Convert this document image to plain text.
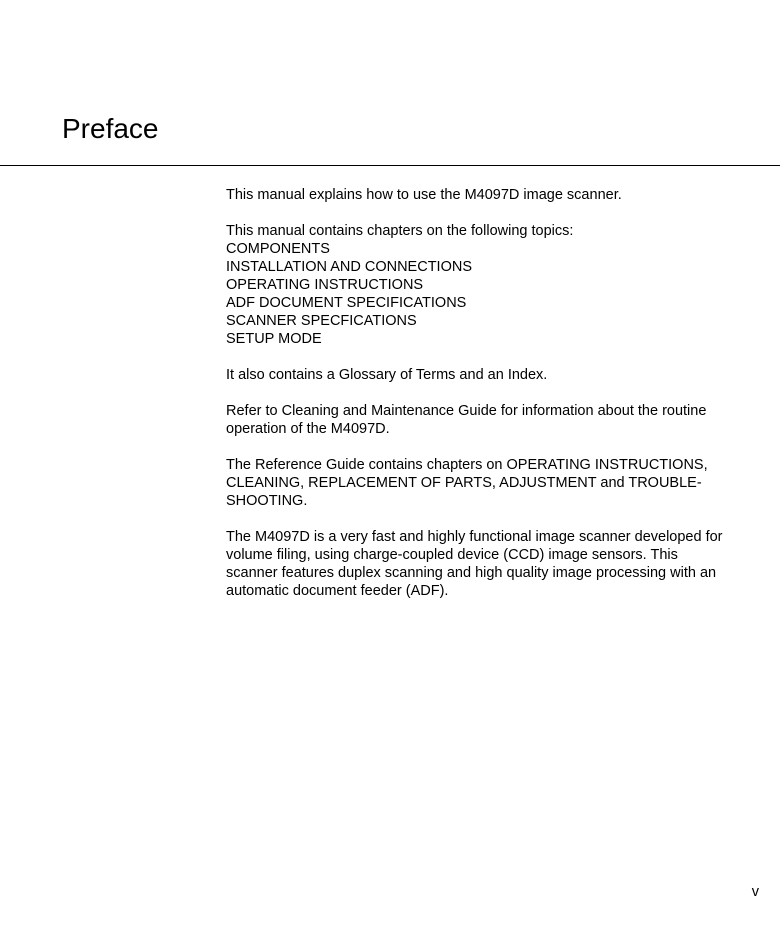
Preface

This manual explains how to use the M4097D image scanner.

This manual contains chapters on the following topics:
COMPONENTS
INSTALLATION AND CONNECTIONS
OPERATING INSTRUCTIONS
ADF DOCUMENT SPECIFICATIONS
SCANNER SPECFICATIONS
SETUP MODE

It also contains a Glossary of Terms and an Index.

Refer to Cleaning and Maintenance Guide for information about the routine operation of the M4097D.

The Reference Guide contains chapters on OPERATING INSTRUCTIONS, CLEANING, REPLACEMENT OF PARTS, ADJUSTMENT and TROUBLE-SHOOTING.

The M4097D is a very fast and highly functional image scanner developed for volume filing, using charge-coupled device (CCD) image sensors. This scanner features duplex scanning and high quality image processing with an automatic document feeder (ADF).

v
